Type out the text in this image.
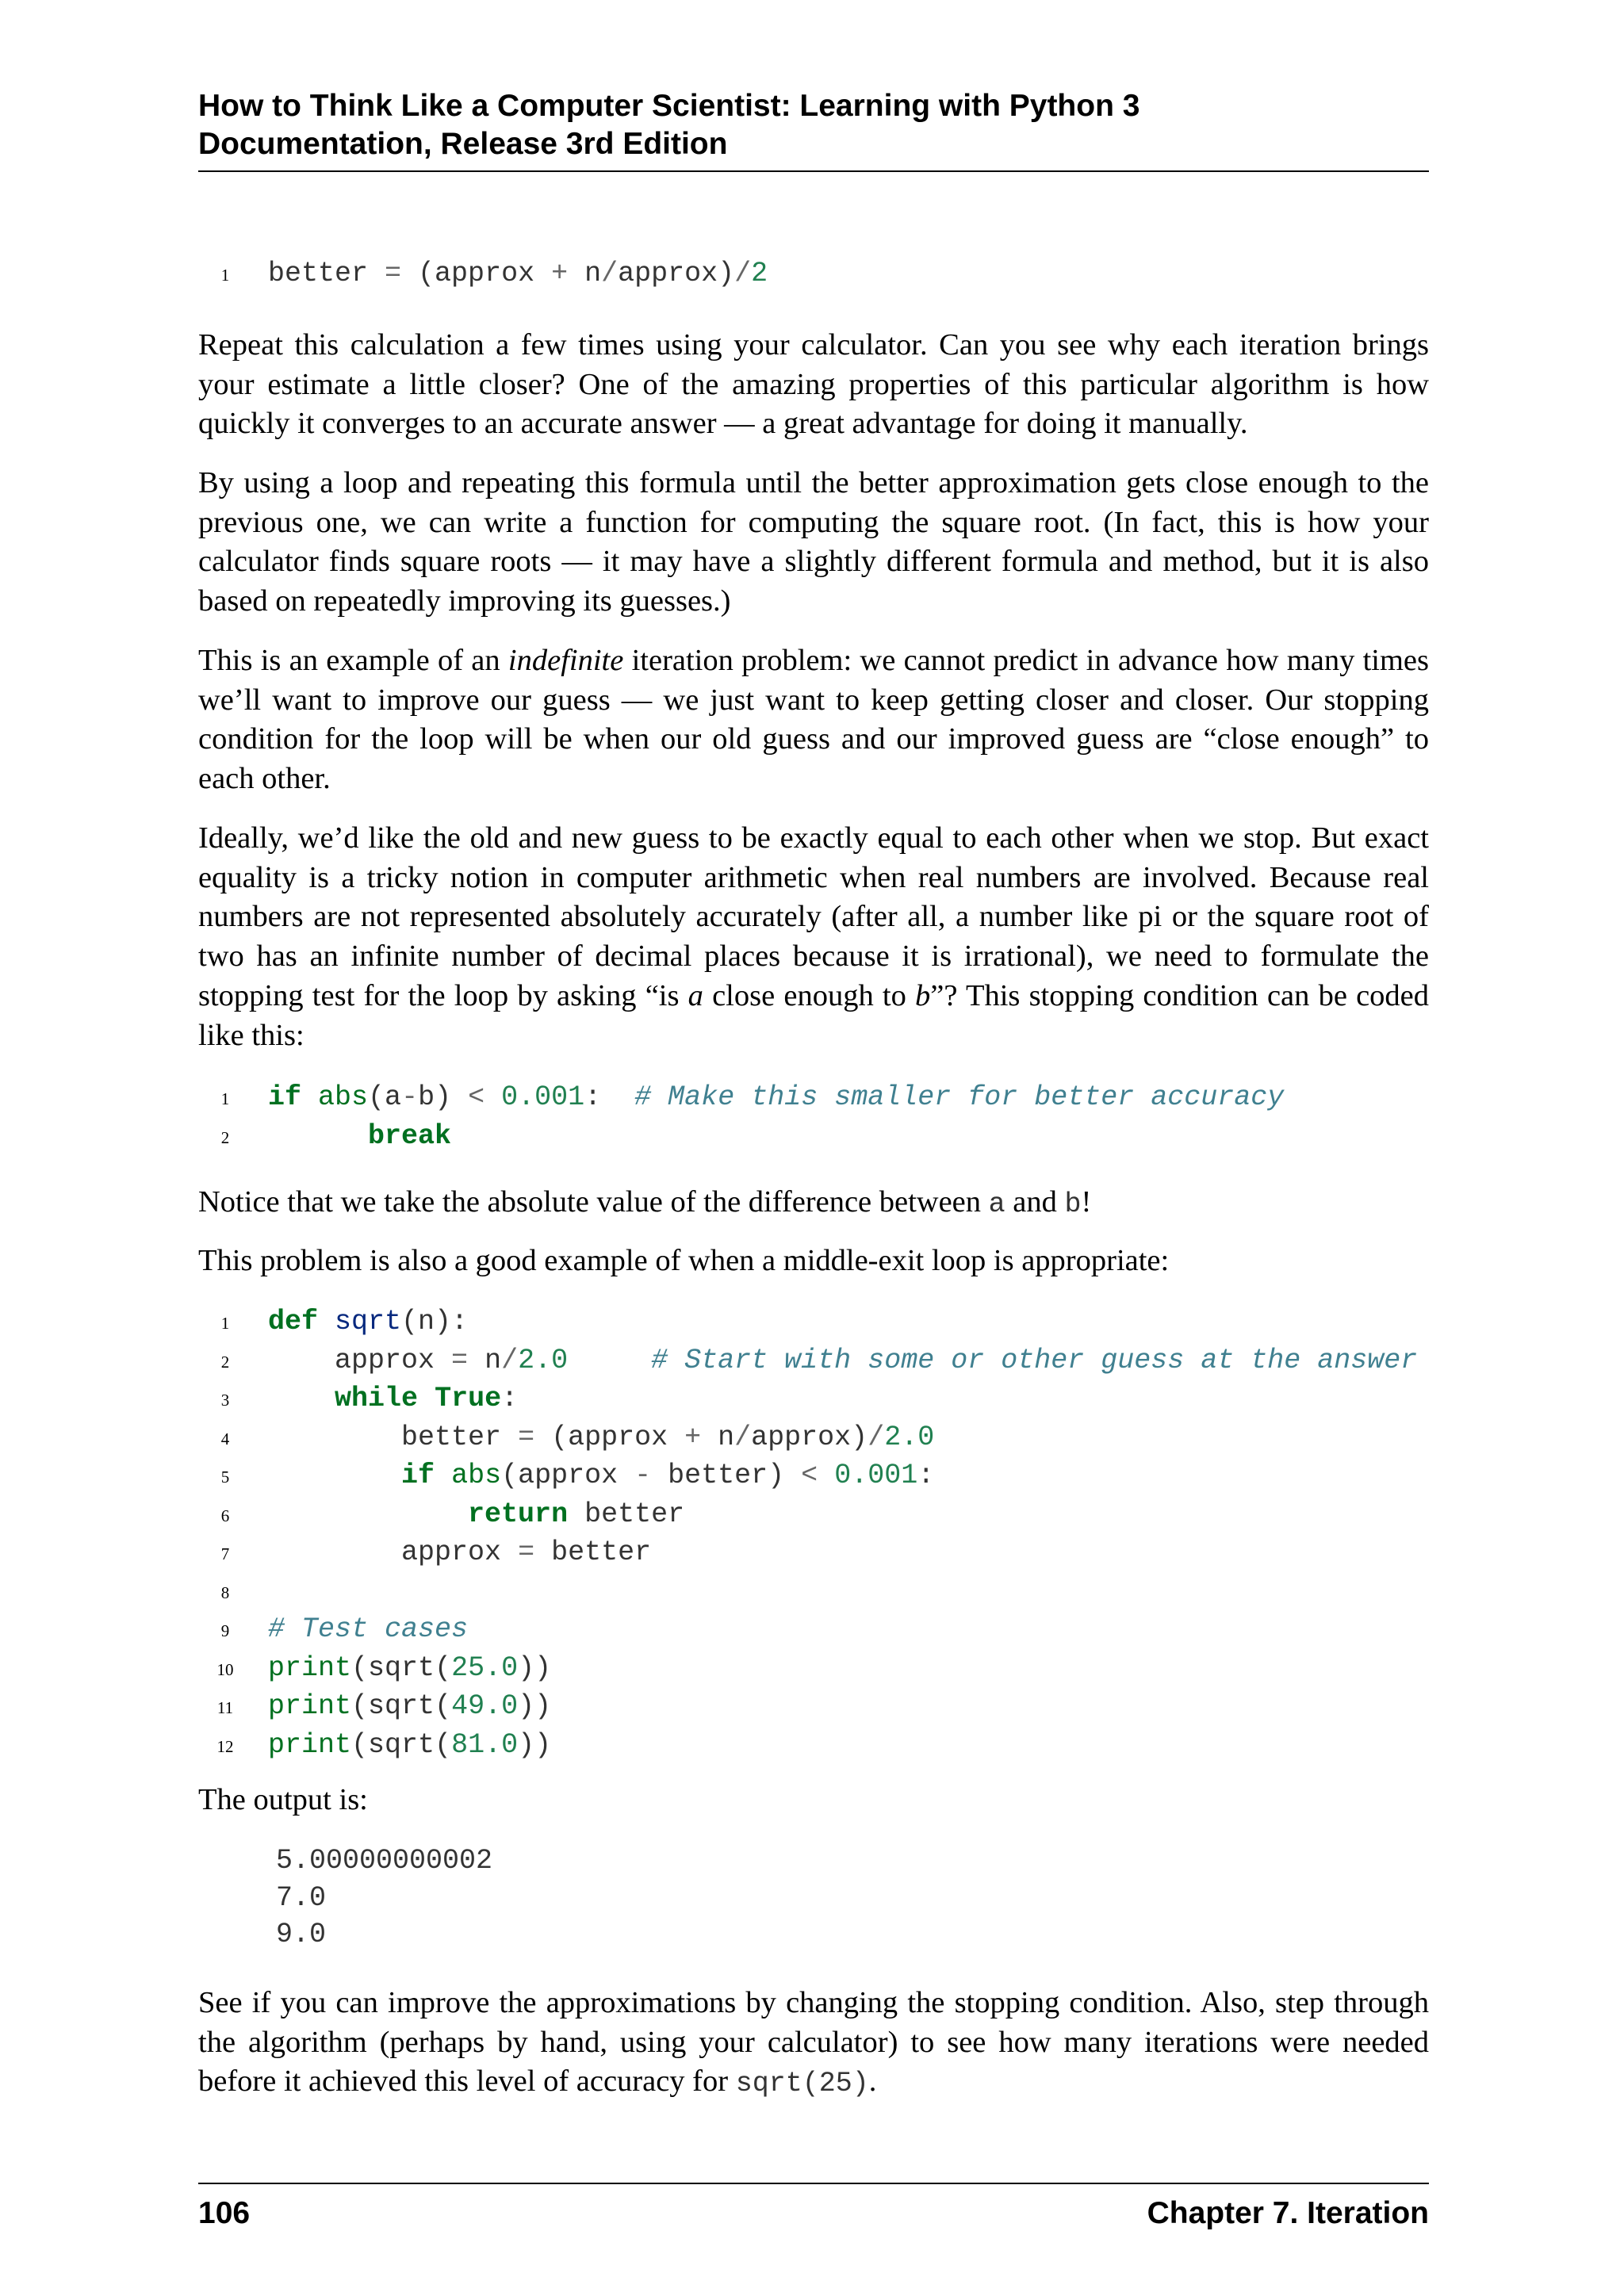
How to Think Like a Computer Scientist: Learning with Python 3
Documentation, Release 3rd Edition
1 better = (approx + n/approx)/2

Repeat this calculation a few times using your calculator. Can you see why each iteration brings your estimate a little closer? One of the amazing properties of this particular algorithm is how quickly it converges to an accurate answer — a great advantage for doing it manually.

By using a loop and repeating this formula until the better approximation gets close enough to the previous one, we can write a function for computing the square root. (In fact, this is how your calculator finds square roots — it may have a slightly different formula and method, but it is also based on repeatedly improving its guesses.)

This is an example of an indefinite iteration problem: we cannot predict in advance how many times we’ll want to improve our guess — we just want to keep getting closer and closer. Our stopping condition for the loop will be when our old guess and our improved guess are “close enough” to each other.

Ideally, we’d like the old and new guess to be exactly equal to each other when we stop. But exact equality is a tricky notion in computer arithmetic when real numbers are involved. Because real numbers are not represented absolutely accurately (after all, a number like pi or the square root of two has an infinite number of decimal places because it is irrational), we need to formulate the stopping test for the loop by asking “is a close enough to b”? This stopping condition can be coded like this:

1 if abs(a-b) < 0.001:  # Make this smaller for better accuracy
2	break

Notice that we take the absolute value of the difference between a and b!

This problem is also a good example of when a middle-exit loop is appropriate:

1 def sqrt(n):
2    approx = n/2.0	# Start with some or other guess at the answer
3	while True:
4        better = (approx + n/approx)/2.0
5	if abs(approx - better) < 0.001:
6	return better
7        approx = better
8
9 # Test cases
10 print(sqrt(25.0))
11 print(sqrt(49.0))
12 print(sqrt(81.0))

The output is:

5.00000000002
7.0
9.0

See if you can improve the approximations by changing the stopping condition. Also, step through the algorithm (perhaps by hand, using your calculator) to see how many iterations were needed before it achieved this level of accuracy for sqrt(25).

106	Chapter 7. Iteration
